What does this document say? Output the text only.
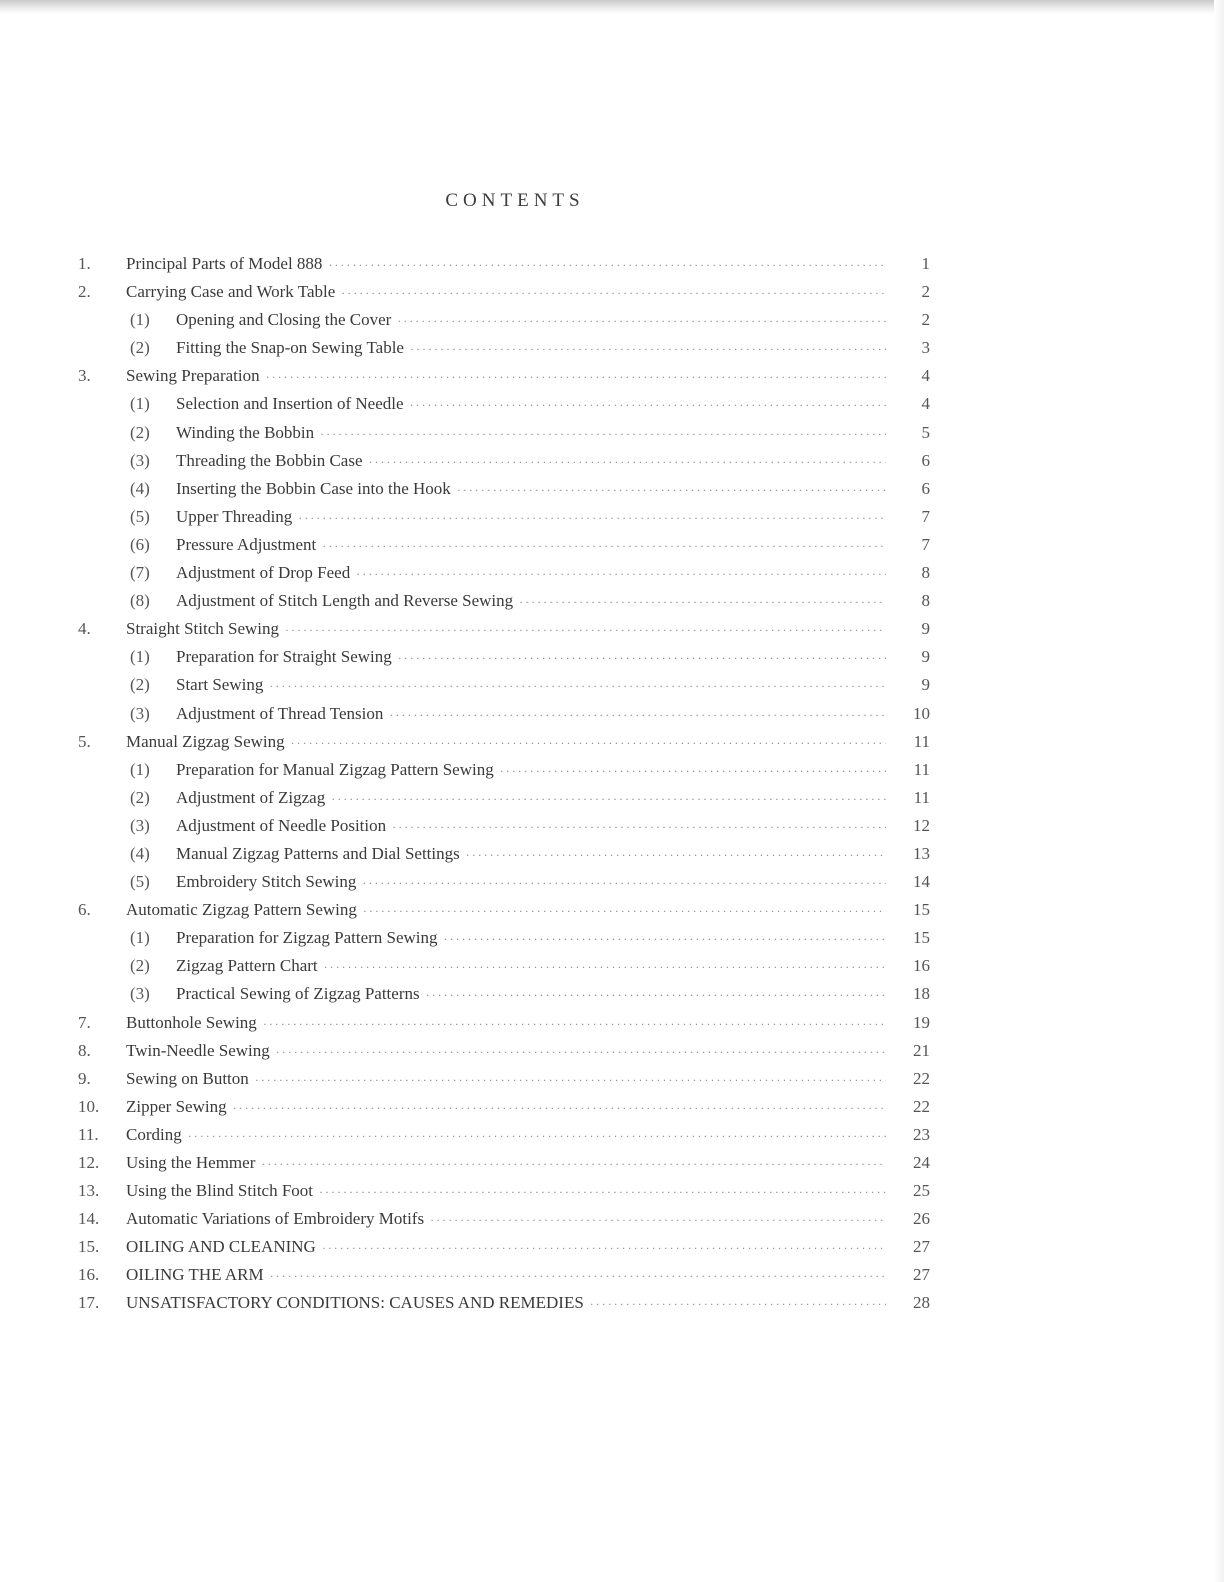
CONTENTS
1.	Principal Parts of Model 888 ·····	1
2.	Carrying Case and Work Table ·····	2
(1)	Opening and Closing the Cover ·····	2
(2)	Fitting the Snap-on Sewing Table ·····	3
3.	Sewing Preparation ·····	4
(1)	Selection and Insertion of Needle ·····	4
(2)	Winding the Bobbin ·····	5
(3)	Threading the Bobbin Case ·····	6
(4)	Inserting the Bobbin Case into the Hook ·····	6
(5)	Upper Threading ·····	7
(6)	Pressure Adjustment ·····	7
(7)	Adjustment of Drop Feed ·····	8
(8)	Adjustment of Stitch Length and Reverse Sewing ·····	8
4.	Straight Stitch Sewing ·····	9
(1)	Preparation for Straight Sewing ·····	9
(2)	Start Sewing ·····	9
(3)	Adjustment of Thread Tension ·····	10
5.	Manual Zigzag Sewing ·····	11
(1)	Preparation for Manual Zigzag Pattern Sewing ·····	11
(2)	Adjustment of Zigzag ·····	11
(3)	Adjustment of Needle Position ·····	12
(4)	Manual Zigzag Patterns and Dial Settings ·····	13
(5)	Embroidery Stitch Sewing ·····	14
6.	Automatic Zigzag Pattern Sewing ·····	15
(1)	Preparation for Zigzag Pattern Sewing ·····	15
(2)	Zigzag Pattern Chart ·····	16
(3)	Practical Sewing of Zigzag Patterns ·····	18
7.	Buttonhole Sewing ·····	19
8.	Twin-Needle Sewing ·····	21
9.	Sewing on Button ·····	22
10.	Zipper Sewing ·····	22
11.	Cording ·····	23
12.	Using the Hemmer ·····	24
13.	Using the Blind Stitch Foot ·····	25
14.	Automatic Variations of Embroidery Motifs ·····	26
15.	OILING AND CLEANING ·····	27
16.	OILING THE ARM ·····	27
17.	UNSATISFACTORY CONDITIONS: CAUSES AND REMEDIES ·····	28
